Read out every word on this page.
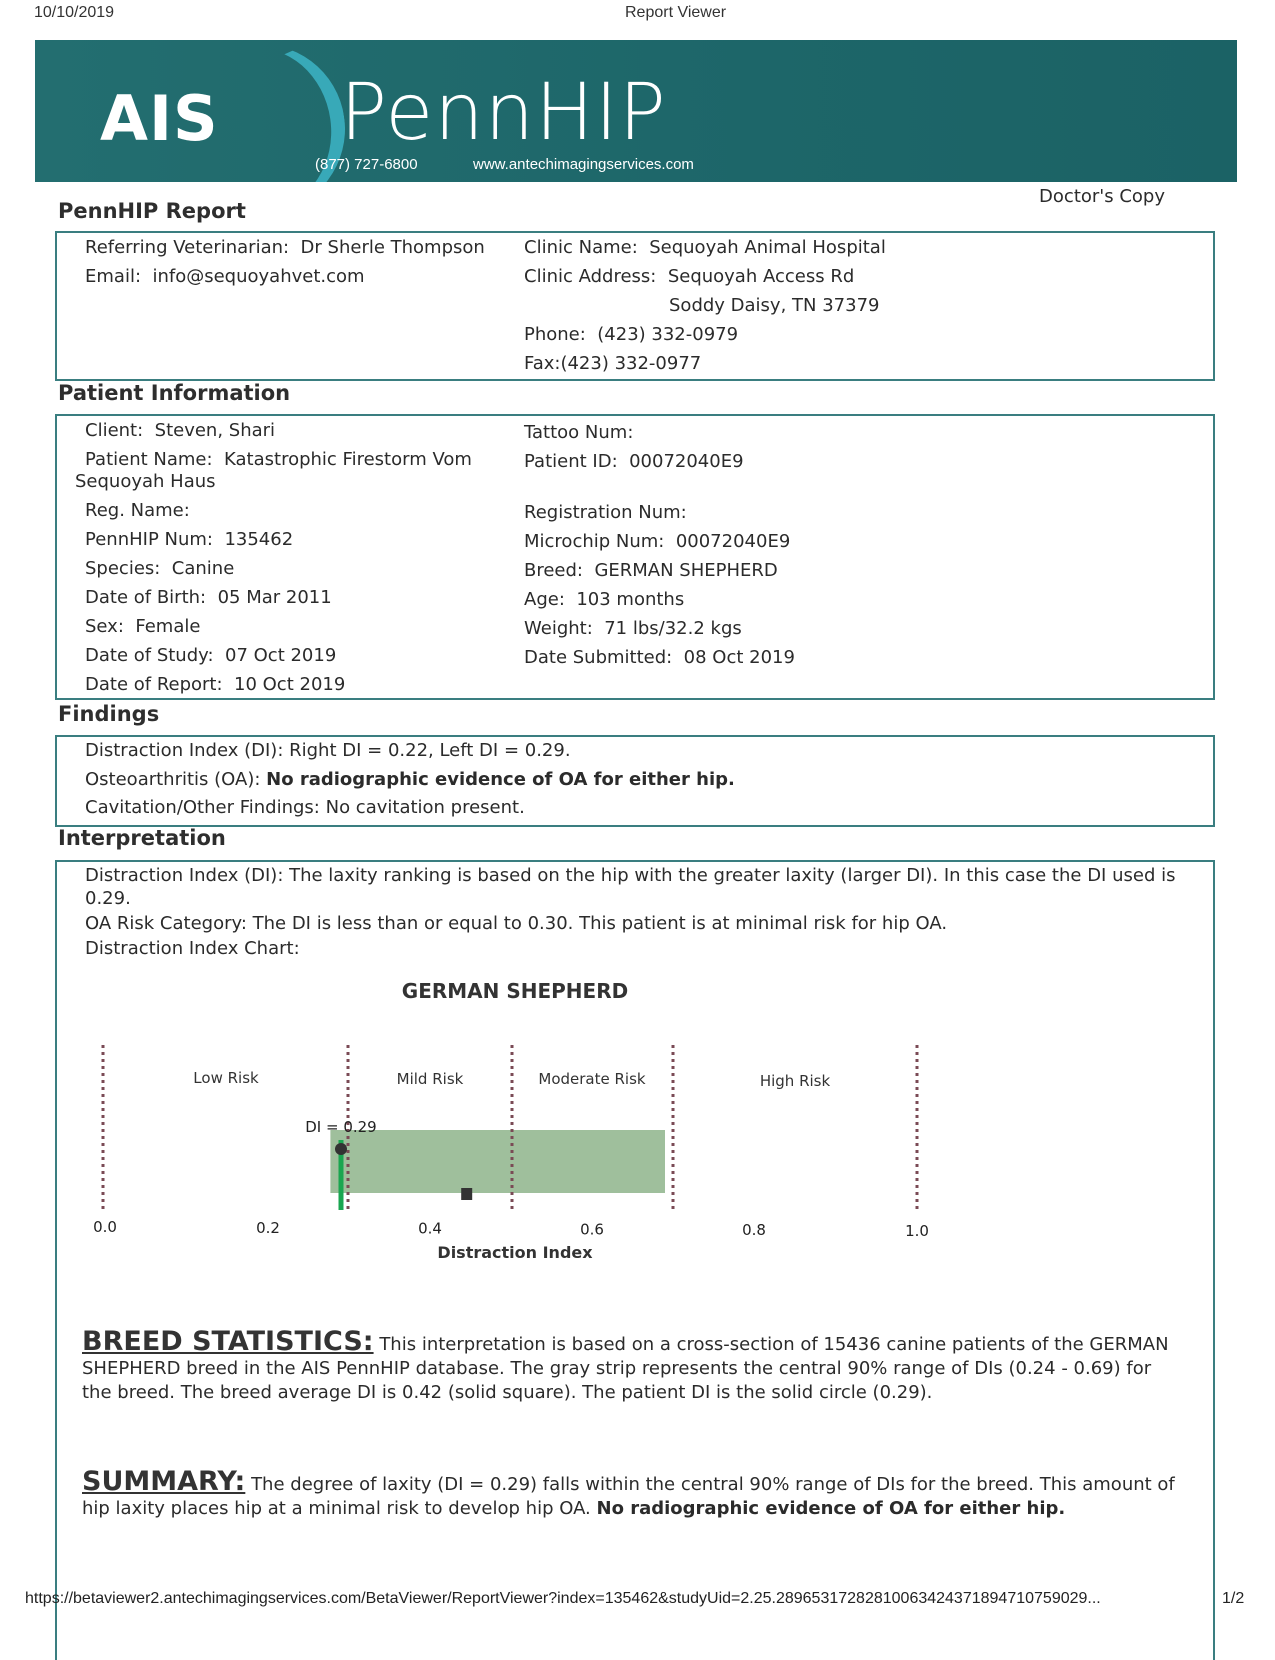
10/10/2019	Report Viewer
AIS PennHIP
(877) 727-6800	www.antechimagingservices.com
Doctor's Copy
PennHIP Report
Referring Veterinarian: Dr Sherle Thompson
Email: info@sequoyahvet.com
Clinic Name: Sequoyah Animal Hospital
Clinic Address: Sequoyah Access Rd
Soddy Daisy, TN 37379
Phone: (423) 332-0979
Fax:(423) 332-0977
Patient Information
Client: Steven, Shari
Patient Name: Katastrophic Firestorm Vom
Sequoyah Haus
Reg. Name:
PennHIP Num: 135462
Species: Canine
Date of Birth: 05 Mar 2011
Sex: Female
Date of Study: 07 Oct 2019
Date of Report: 10 Oct 2019
Tattoo Num:
Patient ID: 00072040E9
Registration Num:
Microchip Num: 00072040E9
Breed: GERMAN SHEPHERD
Age: 103 months
Weight: 71 lbs/32.2 kgs
Date Submitted: 08 Oct 2019
Findings
Distraction Index (DI): Right DI = 0.22, Left DI = 0.29.
Osteoarthritis (OA): No radiographic evidence of OA for either hip.
Cavitation/Other Findings: No cavitation present.
Interpretation
Distraction Index (DI): The laxity ranking is based on the hip with the greater laxity (larger DI). In this case the DI used is 0.29.
OA Risk Category: The DI is less than or equal to 0.30. This patient is at minimal risk for hip OA.
Distraction Index Chart:
GERMAN SHEPHERD
Low Risk	Mild Risk	Moderate Risk	High Risk
DI = 0.29
0.0	0.2	0.4	0.6	0.8	1.0
Distraction Index
BREED STATISTICS: This interpretation is based on a cross-section of 15436 canine patients of the GERMAN SHEPHERD breed in the AIS PennHIP database. The gray strip represents the central 90% range of DIs (0.24 - 0.69) for the breed. The breed average DI is 0.42 (solid square). The patient DI is the solid circle (0.29).
SUMMARY: The degree of laxity (DI = 0.29) falls within the central 90% range of DIs for the breed. This amount of hip laxity places hip at a minimal risk to develop hip OA. No radiographic evidence of OA for either hip.
https://betaviewer2.antechimagingservices.com/BetaViewer/ReportViewer?index=135462&studyUid=2.25.28965317282810063424371894710759029...	1/2
